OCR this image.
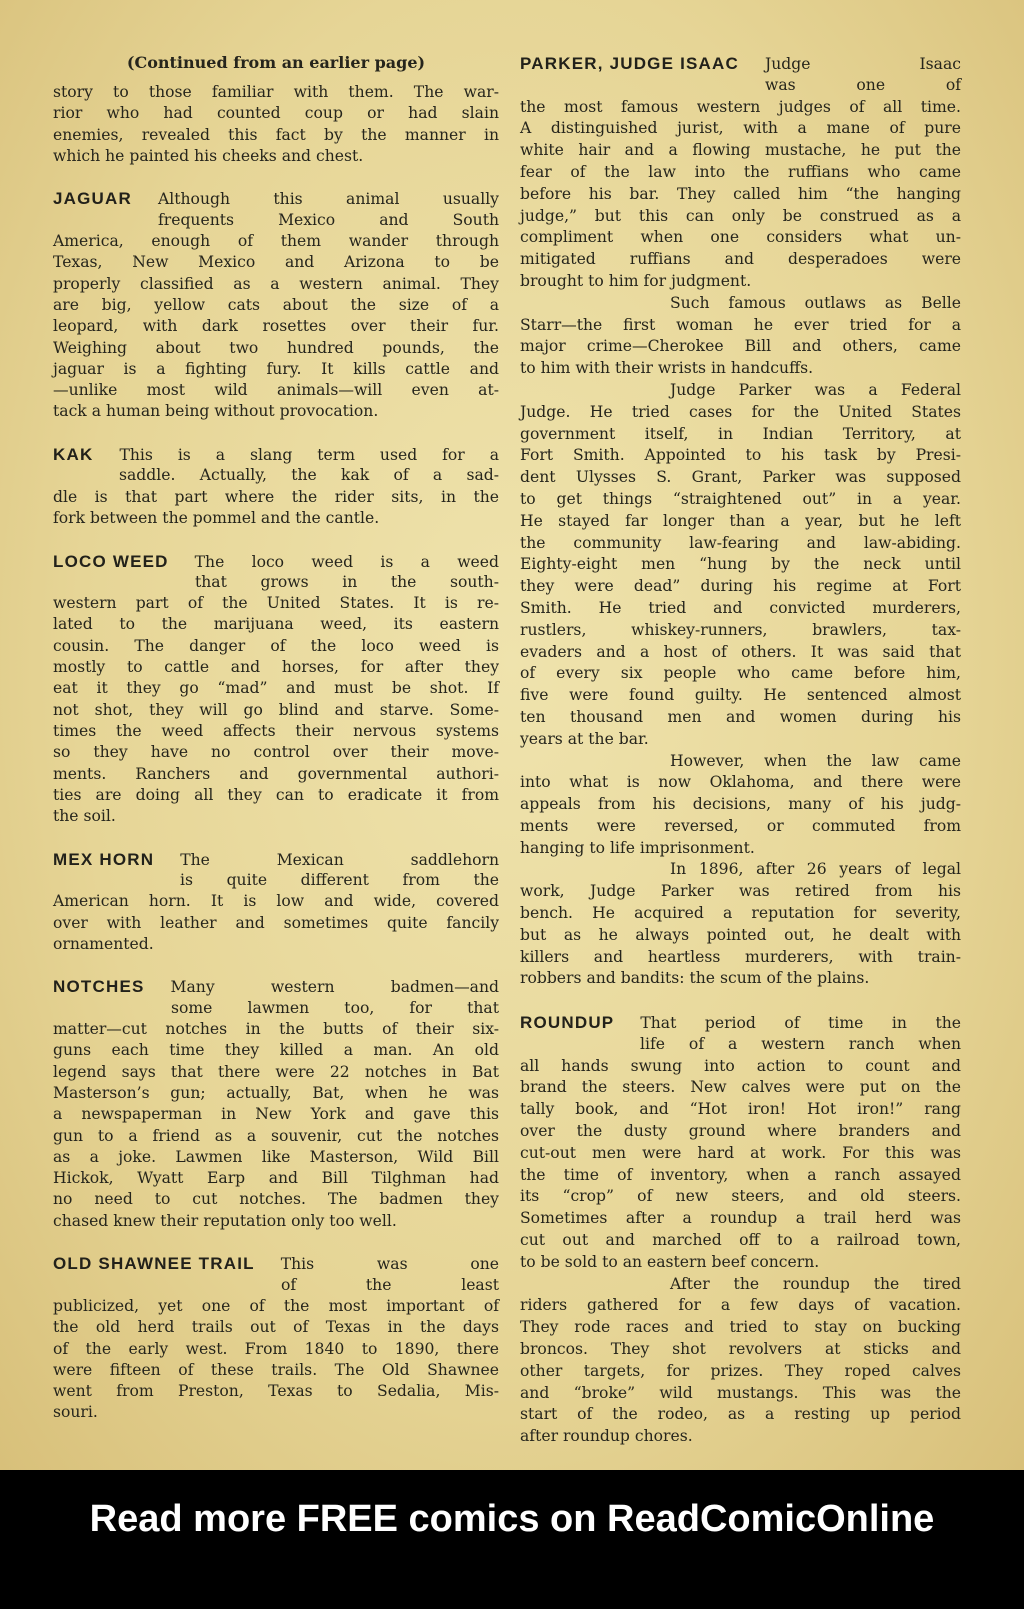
(Continued from an earlier page)
story to those familiar with them. The war-
rior who had counted coup or had slain
enemies, revealed this fact by the manner in
which he painted his cheeks and chest.
JAGUAR Although this animal usually
frequents Mexico and South
America, enough of them wander through
Texas, New Mexico and Arizona to be
properly classified as a western animal. They
are big, yellow cats about the size of a
leopard, with dark rosettes over their fur.
Weighing about two hundred pounds, the
jaguar is a fighting fury. It kills cattle and
—unlike most wild animals—will even at-
tack a human being without provocation.
KAK This is a slang term used for a
saddle. Actually, the kak of a sad-
dle is that part where the rider sits, in the
fork between the pommel and the cantle.
LOCO WEED The loco weed is a weed
that grows in the south-
western part of the United States. It is re-
lated to the marijuana weed, its eastern
cousin. The danger of the loco weed is
mostly to cattle and horses, for after they
eat it they go “mad” and must be shot. If
not shot, they will go blind and starve. Some-
times the weed affects their nervous systems
so they have no control over their move-
ments. Ranchers and governmental authori-
ties are doing all they can to eradicate it from
the soil.
MEX HORN The Mexican saddlehorn
is quite different from the
American horn. It is low and wide, covered
over with leather and sometimes quite fancily
ornamented.
NOTCHES Many western badmen—and
some lawmen too, for that
matter—cut notches in the butts of their six-
guns each time they killed a man. An old
legend says that there were 22 notches in Bat
Masterson’s gun; actually, Bat, when he was
a newspaperman in New York and gave this
gun to a friend as a souvenir, cut the notches
as a joke. Lawmen like Masterson, Wild Bill
Hickok, Wyatt Earp and Bill Tilghman had
no need to cut notches. The badmen they
chased knew their reputation only too well.
OLD SHAWNEE TRAIL This was one
of the least
publicized, yet one of the most important of
the old herd trails out of Texas in the days
of the early west. From 1840 to 1890, there
were fifteen of these trails. The Old Shawnee
went from Preston, Texas to Sedalia, Mis-
souri.
PARKER, JUDGE ISAAC Judge Isaac
was one of
the most famous western judges of all time.
A distinguished jurist, with a mane of pure
white hair and a flowing mustache, he put the
fear of the law into the ruffians who came
before his bar. They called him “the hanging
judge,” but this can only be construed as a
compliment when one considers what un-
mitigated ruffians and desperadoes were
brought to him for judgment.
Such famous outlaws as Belle
Starr—the first woman he ever tried for a
major crime—Cherokee Bill and others, came
to him with their wrists in handcuffs.
Judge Parker was a Federal
Judge. He tried cases for the United States
government itself, in Indian Territory, at
Fort Smith. Appointed to his task by Presi-
dent Ulysses S. Grant, Parker was supposed
to get things “straightened out” in a year.
He stayed far longer than a year, but he left
the community law-fearing and law-abiding.
Eighty-eight men “hung by the neck until
they were dead” during his regime at Fort
Smith. He tried and convicted murderers,
rustlers, whiskey-runners, brawlers, tax-
evaders and a host of others. It was said that
of every six people who came before him,
five were found guilty. He sentenced almost
ten thousand men and women during his
years at the bar.
However, when the law came
into what is now Oklahoma, and there were
appeals from his decisions, many of his judg-
ments were reversed, or commuted from
hanging to life imprisonment.
In 1896, after 26 years of legal
work, Judge Parker was retired from his
bench. He acquired a reputation for severity,
but as he always pointed out, he dealt with
killers and heartless murderers, with train-
robbers and bandits: the scum of the plains.
ROUNDUP That period of time in the
life of a western ranch when
all hands swung into action to count and
brand the steers. New calves were put on the
tally book, and “Hot iron! Hot iron!” rang
over the dusty ground where branders and
cut-out men were hard at work. For this was
the time of inventory, when a ranch assayed
its “crop” of new steers, and old steers.
Sometimes after a roundup a trail herd was
cut out and marched off to a railroad town,
to be sold to an eastern beef concern.
After the roundup the tired
riders gathered for a few days of vacation.
They rode races and tried to stay on bucking
broncos. They shot revolvers at sticks and
other targets, for prizes. They roped calves
and “broke” wild mustangs. This was the
start of the rodeo, as a resting up period
after roundup chores.
Read more FREE comics on ReadComicOnline
